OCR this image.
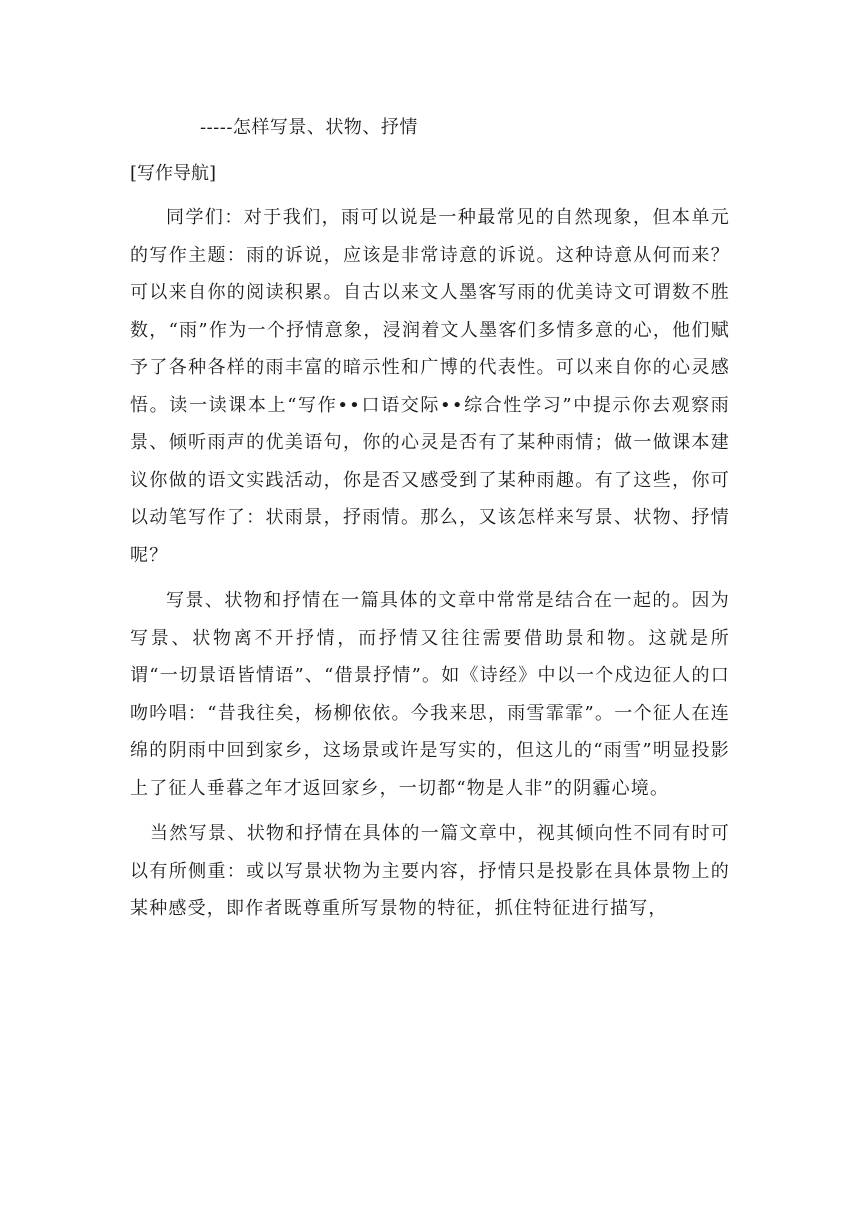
-----怎样写景、状物、抒情
[写作导航]

同学们：对于我们，雨可以说是一种最常见的自然现象，但本单元的写作主题：雨的诉说，应该是非常诗意的诉说。这种诗意从何而来？可以来自你的阅读积累。自古以来文人墨客写雨的优美诗文可谓数不胜数，“雨”作为一个抒情意象，浸润着文人墨客们多情多意的心，他们赋予了各种各样的雨丰富的暗示性和广博的代表性。可以来自你的心灵感悟。读一读课本上“写作••口语交际••综合性学习”中提示你去观察雨景、倾听雨声的优美语句，你的心灵是否有了某种雨情；做一做课本建议你做的语文实践活动，你是否又感受到了某种雨趣。有了这些，你可以动笔写作了：状雨景，抒雨情。那么，又该怎样来写景、状物、抒情呢？

写景、状物和抒情在一篇具体的文章中常常是结合在一起的。因为写景、状物离不开抒情，而抒情又往往需要借助景和物。这就是所谓“一切景语皆情语”、“借景抒情”。如《诗经》中以一个戍边征人的口吻吟唱：“昔我往矣，杨柳依依。今我来思，雨雪霏霏”。一个征人在连绵的阴雨中回到家乡，这场景或许是写实的，但这儿的“雨雪”明显投影上了征人垂暮之年才返回家乡，一切都“物是人非”的阴霾心境。

当然写景、状物和抒情在具体的一篇文章中，视其倾向性不同有时可以有所侧重：或以写景状物为主要内容，抒情只是投影在具体景物上的某种感受，即作者既尊重所写景物的特征，抓住特征进行描写，
